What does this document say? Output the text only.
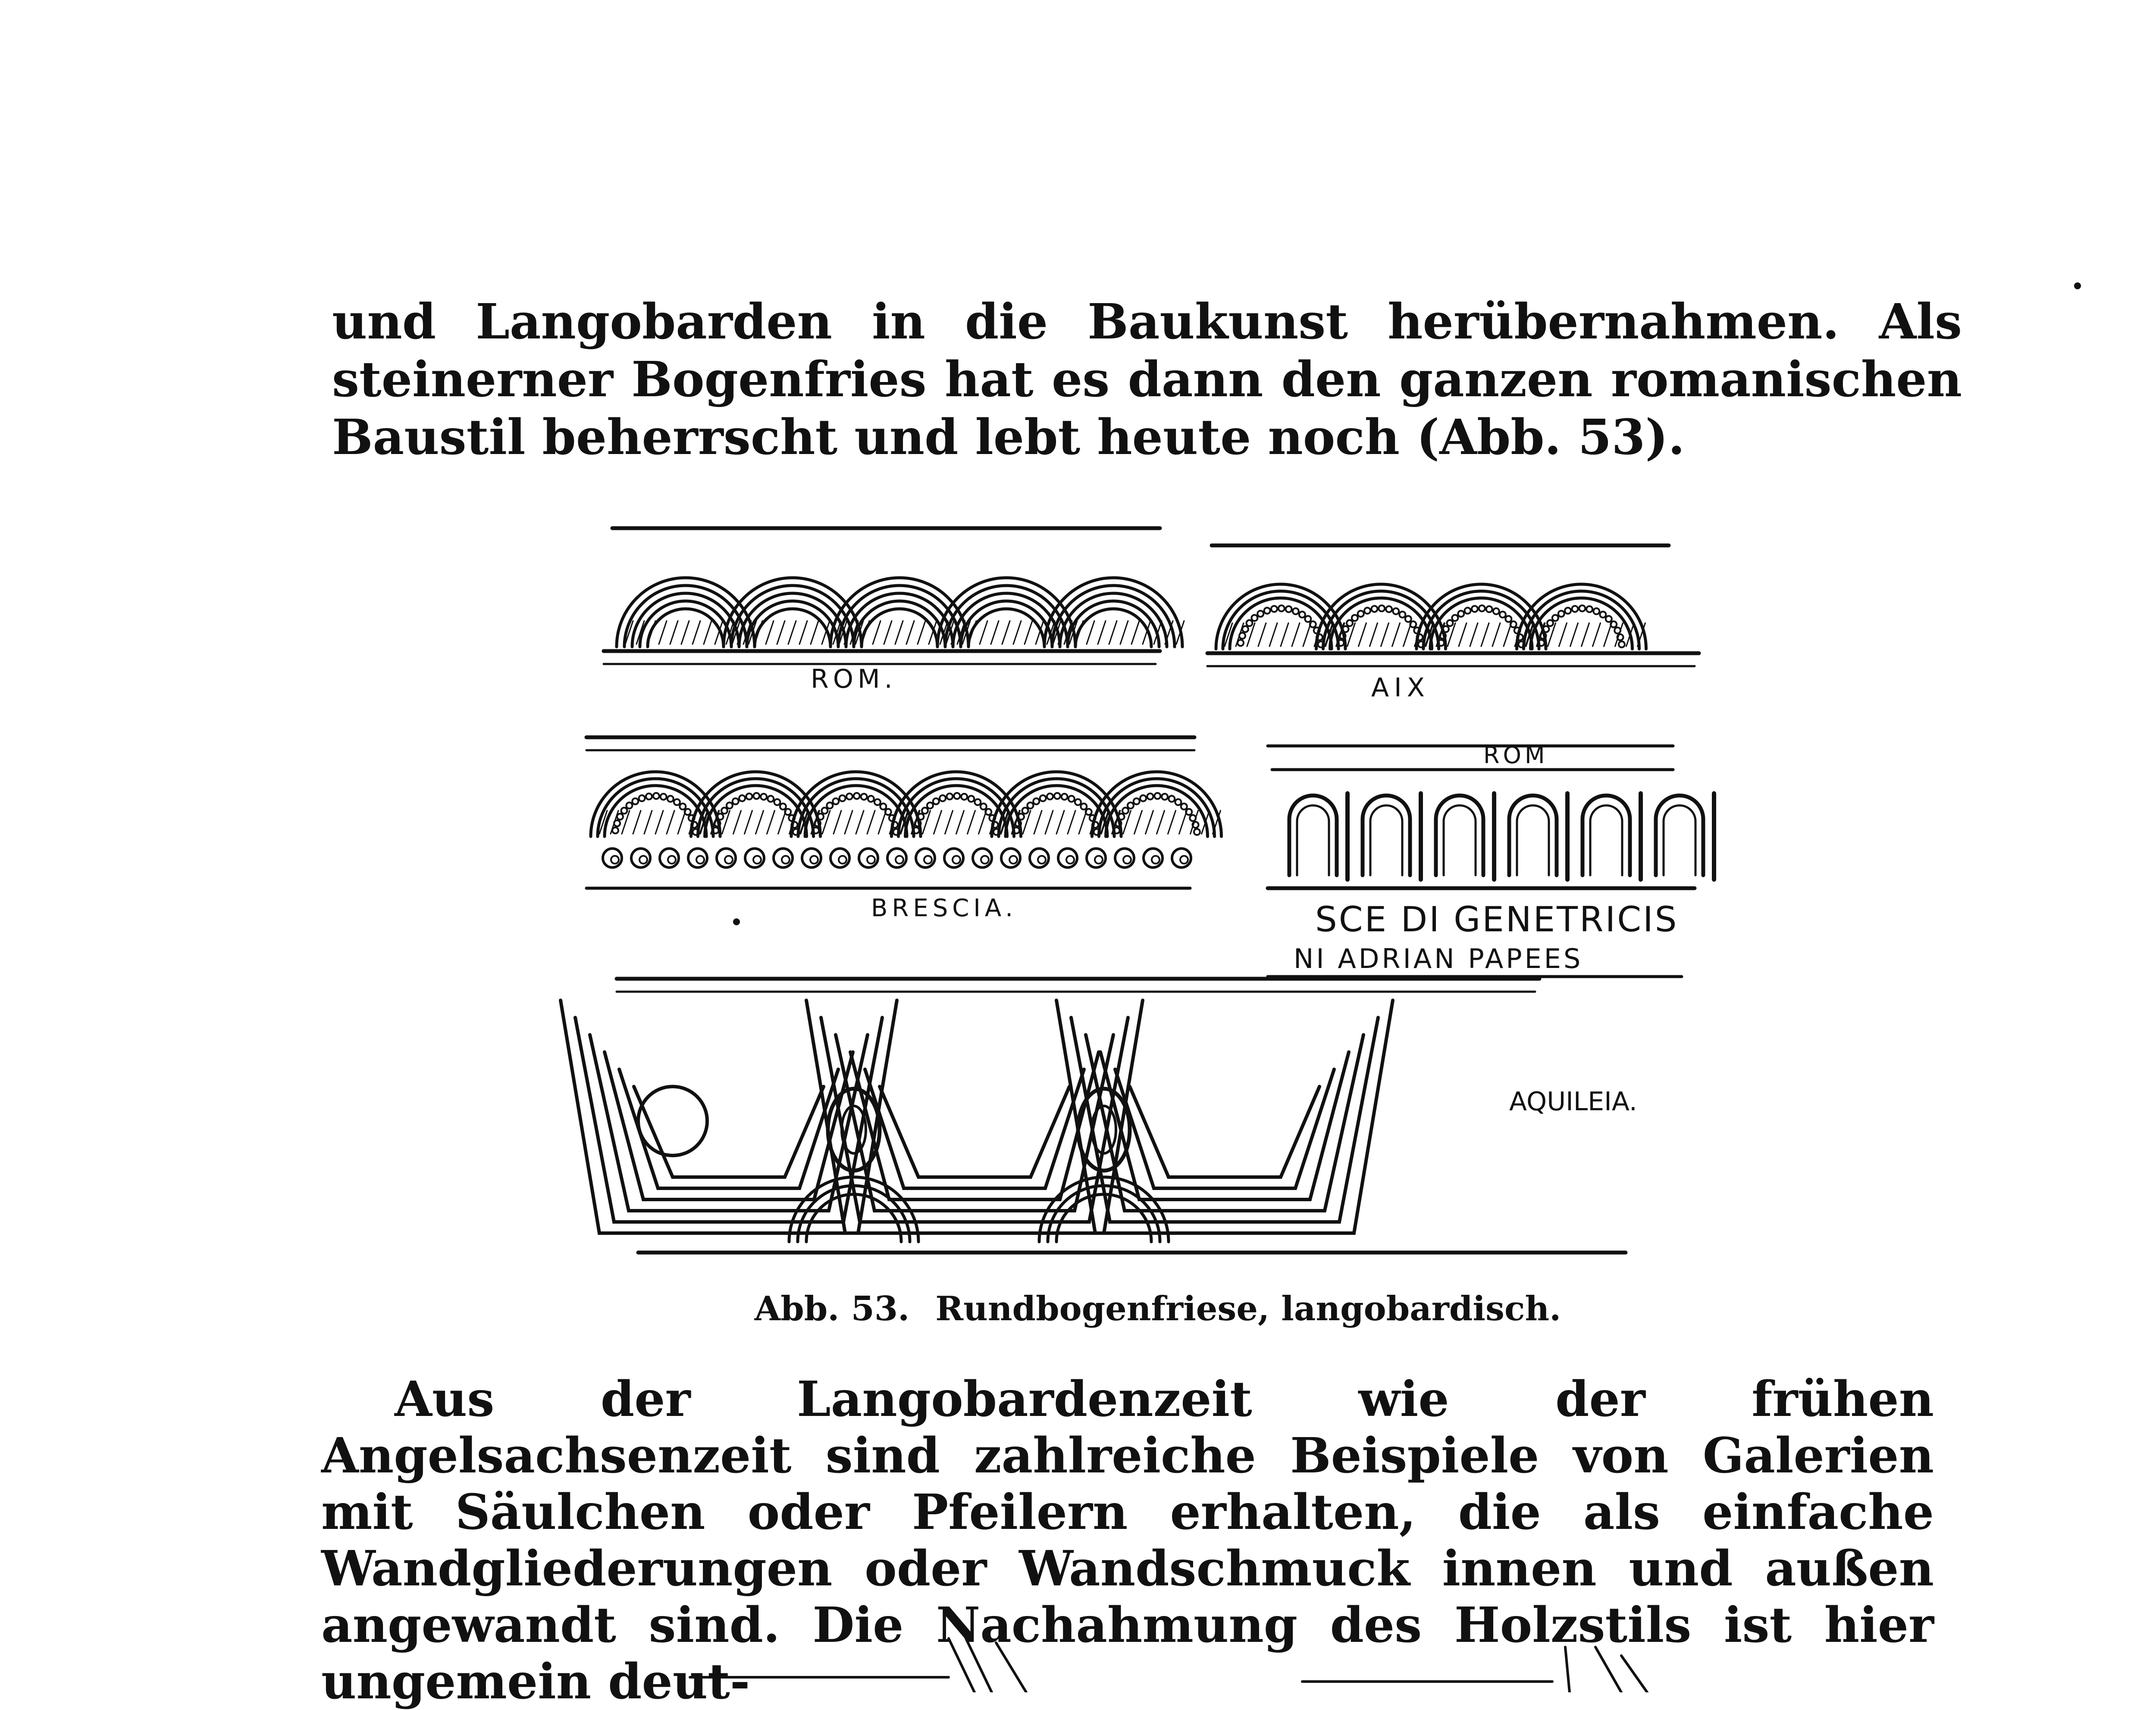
und Langobarden in die Baukunst herübernahmen. Als steinerner Bogenfries hat es dann den ganzen romanischen Baustil beherrscht und lebt heute noch (Abb. 53).

ROM.	AIX
BRESCIA.
ROM
SCE DI GENETRICIS
NI ADRIAN PAPEES
AQUILEIA.
Abb. 53. Rundbogenfriese, langobardisch.

Aus der Langobardenzeit wie der frühen Angelsachsenzeit sind zahlreiche Beispiele von Galerien mit Säulchen oder Pfeilern erhalten, die als einfache Wandgliederungen oder Wandschmuck innen und außen angewandt sind. Die Nachahmung des Holzstils ist hier ungemein deut-
